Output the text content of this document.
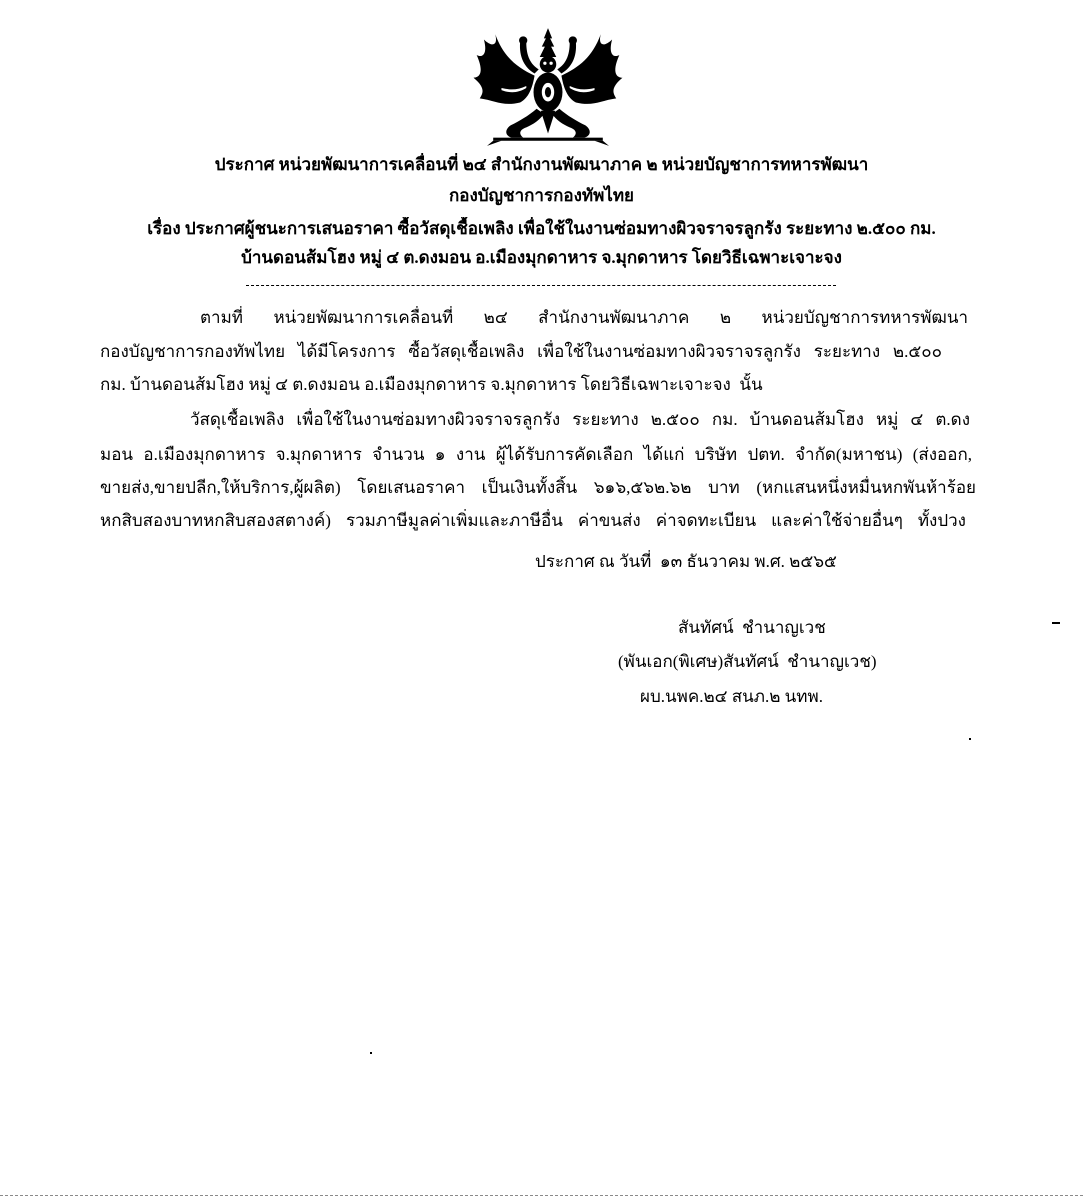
ประกาศ หน่วยพัฒนาการเคลื่อนที่ ๒๔ สำนักงานพัฒนาภาค ๒ หน่วยบัญชาการทหารพัฒนา
กองบัญชาการกองทัพไทย
เรื่อง ประกาศผู้ชนะการเสนอราคา ซื้อวัสดุเชื้อเพลิง เพื่อใช้ในงานซ่อมทางผิวจราจรลูกรัง ระยะทาง ๒.๕๐๐ กม.
บ้านดอนส้มโฮง หมู่ ๔ ต.ดงมอน อ.เมืองมุกดาหาร จ.มุกดาหาร โดยวิธีเฉพาะเจาะจง
ตามที่ หน่วยพัฒนาการเคลื่อนที่ ๒๔ สำนักงานพัฒนาภาค ๒ หน่วยบัญชาการทหารพัฒนา
กองบัญชาการกองทัพไทย ได้มีโครงการ ซื้อวัสดุเชื้อเพลิง เพื่อใช้ในงานซ่อมทางผิวจราจรลูกรัง ระยะทาง ๒.๕๐๐
กม. บ้านดอนส้มโฮง หมู่ ๔ ต.ดงมอน อ.เมืองมุกดาหาร จ.มุกดาหาร โดยวิธีเฉพาะเจาะจง  นั้น
วัสดุเชื้อเพลิง เพื่อใช้ในงานซ่อมทางผิวจราจรลูกรัง ระยะทาง ๒.๕๐๐ กม. บ้านดอนส้มโฮง หมู่ ๔ ต.ดง
มอน อ.เมืองมุกดาหาร จ.มุกดาหาร จำนวน ๑ งาน ผู้ได้รับการคัดเลือก ได้แก่ บริษัท ปตท. จำกัด(มหาชน) (ส่งออก,
ขายส่ง,ขายปลีก,ให้บริการ,ผู้ผลิต) โดยเสนอราคา เป็นเงินทั้งสิ้น ๖๑๖,๕๖๒.๖๒ บาท (หกแสนหนึ่งหมื่นหกพันห้าร้อย
หกสิบสองบาทหกสิบสองสตางค์) รวมภาษีมูลค่าเพิ่มและภาษีอื่น ค่าขนส่ง ค่าจดทะเบียน และค่าใช้จ่ายอื่นๆ ทั้งปวง
ประกาศ ณ วันที่  ๑๓ ธันวาคม พ.ศ. ๒๕๖๕
สันทัศน์  ชำนาญเวช
(พันเอก(พิเศษ)สันทัศน์  ชำนาญเวช)
ผบ.นพค.๒๔ สนภ.๒ นทพ.
